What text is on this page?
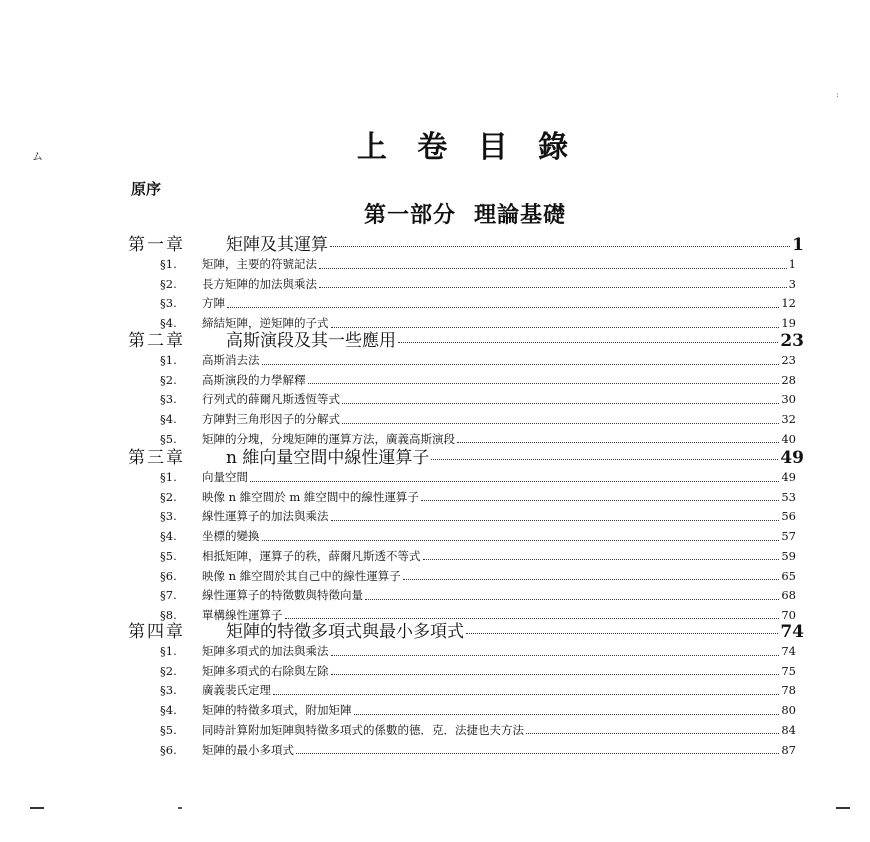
ム
:
上 卷 目 錄
原序
第一部分 理論基礎
第一章 矩陣及其運算	1
§1. 矩陣，主要的符號記法	1
§2. 長方矩陣的加法與乘法	3
§3. 方陣	12
§4. 締結矩陣，逆矩陣的子式	19
第二章 高斯演段及其一些應用	23
§1. 高斯消去法	23
§2. 高斯演段的力學解釋	28
§3. 行列式的薛爾凡斯透恆等式	30
§4. 方陣對三角形因子的分解式	32
§5. 矩陣的分塊，分塊矩陣的運算方法，廣義高斯演段	40
第三章 n 維向量空間中線性運算子	49
§1. 向量空間	49
§2. 映像 n 維空間於 m 維空間中的線性運算子	53
§3. 線性運算子的加法與乘法	56
§4. 坐標的變換	57
§5. 相抵矩陣，運算子的秩，薛爾凡斯透不等式	59
§6. 映像 n 維空間於其自己中的線性運算子	65
§7. 線性運算子的特徵數與特徵向量	68
§8. 單構線性運算子	70
第四章 矩陣的特徵多項式與最小多項式	74
§1. 矩陣多項式的加法與乘法	74
§2. 矩陣多項式的右除與左除	75
§3. 廣義裴氏定理	78
§4. 矩陣的特徵多項式，附加矩陣	80
§5. 同時計算附加矩陣與特徵多項式的係數的德．克．法捷也夫方法	84
§6. 矩陣的最小多項式	87
